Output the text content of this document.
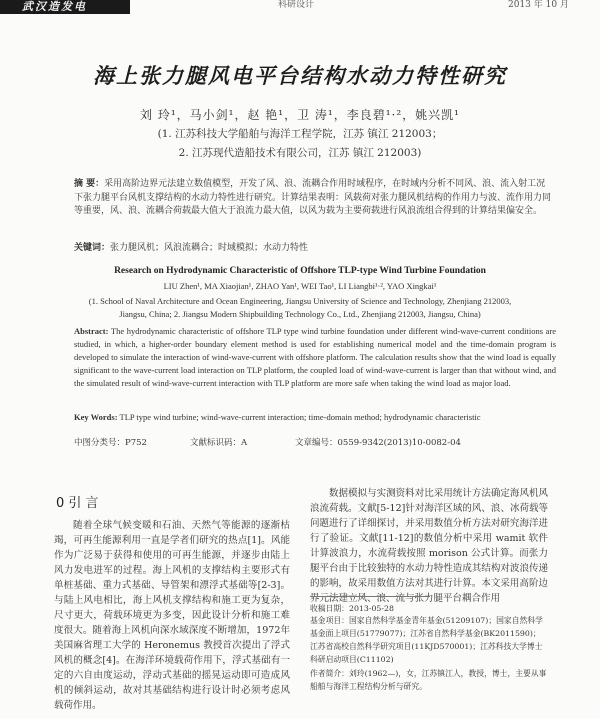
武汉造发电	科研设计	2013 年 10 月
海上张力腿风电平台结构水动力特性研究
刘 玲¹，马小剑¹，赵 艳¹，卫 涛¹，李良碧¹·²，姚兴凯¹
(1. 江苏科技大学船舶与海洋工程学院，江苏 镇江 212003；
2. 江苏现代造船技术有限公司，江苏 镇江 212003)
摘 要：采用高阶边界元法建立数值模型，开发了风、浪、流耦合作用时域程序，在时域内分析不同风、浪、流入射工况下张力腿平台风机支撑结构的水动力特性进行研究。计算结果表明：风载荷对张力腿风机结构的作用力与波、流作用力同等重要，风、浪、流耦合荷载最大值大于浪流力最大值，以风为载为主要荷载进行风浪流组合得到的计算结果偏安全。
关键词：张力腿风机；风浪流耦合；时域模拟；水动力特性
Research on Hydrodynamic Characteristic of Offshore TLP-type Wind Turbine Foundation
LIU Zhen¹, MA Xiaojian¹, ZHAO Yan¹, WEI Tao¹, LI Liangbi¹·², YAO Xingkai¹
(1. School of Naval Architecture and Ocean Engineering, Jiangsu University of Science and Technology, Zhenjiang 212003,
Jiangsu, China; 2. Jiangsu Modern Shipbuilding Technology Co., Ltd., Zhenjiang 212003, Jiangsu, China)
Abstract: The hydrodynamic characteristic of offshore TLP type wind turbine foundation under different wind-wave-current conditions are studied, in which, a higher-order boundary element method is used for establishing numerical model and the time-domain program is developed to simulate the interaction of wind-wave-current with offshore platform. The calculation results show that the wind load is equally significant to the wave-current load interaction on TLP platform, the coupled load of wind-wave-current is larger than that without wind, and the simulated result of wind-wave-current interaction with TLP platform are more safe when taking the wind load as major load.
Key Words: TLP type wind turbine; wind-wave-current interaction; time-domain method; hydrodynamic characteristic
中图分类号：P752	文献标识码：A	文章编号：0559-9342(2013)10-0082-04
0 引 言
随着全球气候变暖和石油、天然气等能源的逐渐枯竭，可再生能源利用一直是学者们研究的热点[1]。风能作为广泛易于获得和使用的可再生能源，并逐步由陆上风力发电进军的过程。海上风机的支撑结构主要形式有单桩基础、重力式基础、导管架和漂浮式基础等[2-3]。与陆上风电相比，海上风机支撑结构和施工更为复杂，尺寸更大，荷载环境更为多变，因此设计分析和施工难度很大。随着海上风机向深水域深度不断增加，1972年美国麻省理工大学的 Heronemus 教授首次提出了浮式风机的概念[4]。在海洋环境载荷作用下，浮式基础有一定的六自由度运动，浮动式基础的摇晃运动即可造成风机的倾斜运动，故对其基础结构进行设计时必须考虑风载荷作用。
数据模拟与实测资料对比采用统计方法确定海风机风浪流荷载。文献[5-12]针对海洋区域的风、浪、冰荷载等问题进行了详细探讨，并采用数值分析方法对研究海洋进行了验证。文献[11-12]的数值分析中采用 wamit 软件计算波浪力，水流荷载按照 morison 公式计算。而张力腿平台由于比较独特的水动力特性造成其结构对波浪传递的影响，故采用数值方法对其进行计算。本文采用高阶边界元法建立风、浪、流与张力腿平台耦合作用
收稿日期：2013-05-28
基金项目：国家自然科学基金青年基金(51209107)；国家自然科学基金面上项目(51779077)；江苏省自然科学基金(BK2011590)；江苏省高校自然科学研究项目(11KJD570001)；江苏科技大学博士科研启动项目(C11102)
作者简介：刘玲(1962—)，女，江苏镇江人，教授，博士，主要从事船舶与海洋工程结构分析与研究。
